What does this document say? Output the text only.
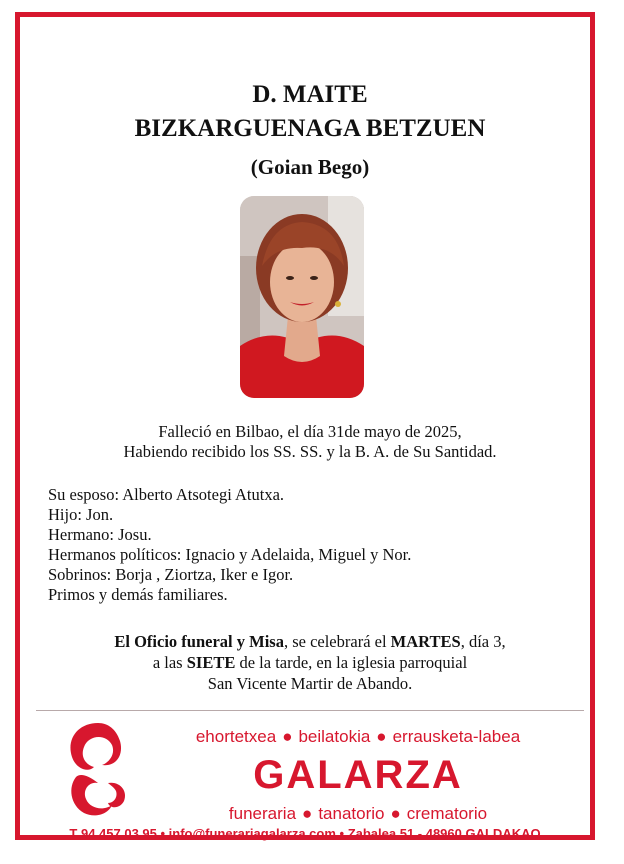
D. MAITE
BIZKARGUENAGA BETZUEN
(Goian Bego)
Falleció en Bilbao, el día 31de mayo de 2025,
Habiendo recibido los SS. SS. y la B. A. de Su Santidad.
Su esposo: Alberto Atsotegi Atutxa.
Hijo: Jon.
Hermano: Josu.
Hermanos políticos: Ignacio y Adelaida, Miguel y Nor.
Sobrinos: Borja , Ziortza, Iker e Igor.
Primos y demás familiares.
El Oficio funeral y Misa, se celebrará el MARTES, día 3,
a las SIETE de la tarde, en la iglesia parroquial
San Vicente Martir de Abando.
ehortetxea ● beilatokia ● errausketa-labea
GALARZA
funeraria ● tanatorio ● crematorio
T 94 457 03 95 • info@funerariagalarza.com • Zabalea 51 - 48960 GALDAKAO
